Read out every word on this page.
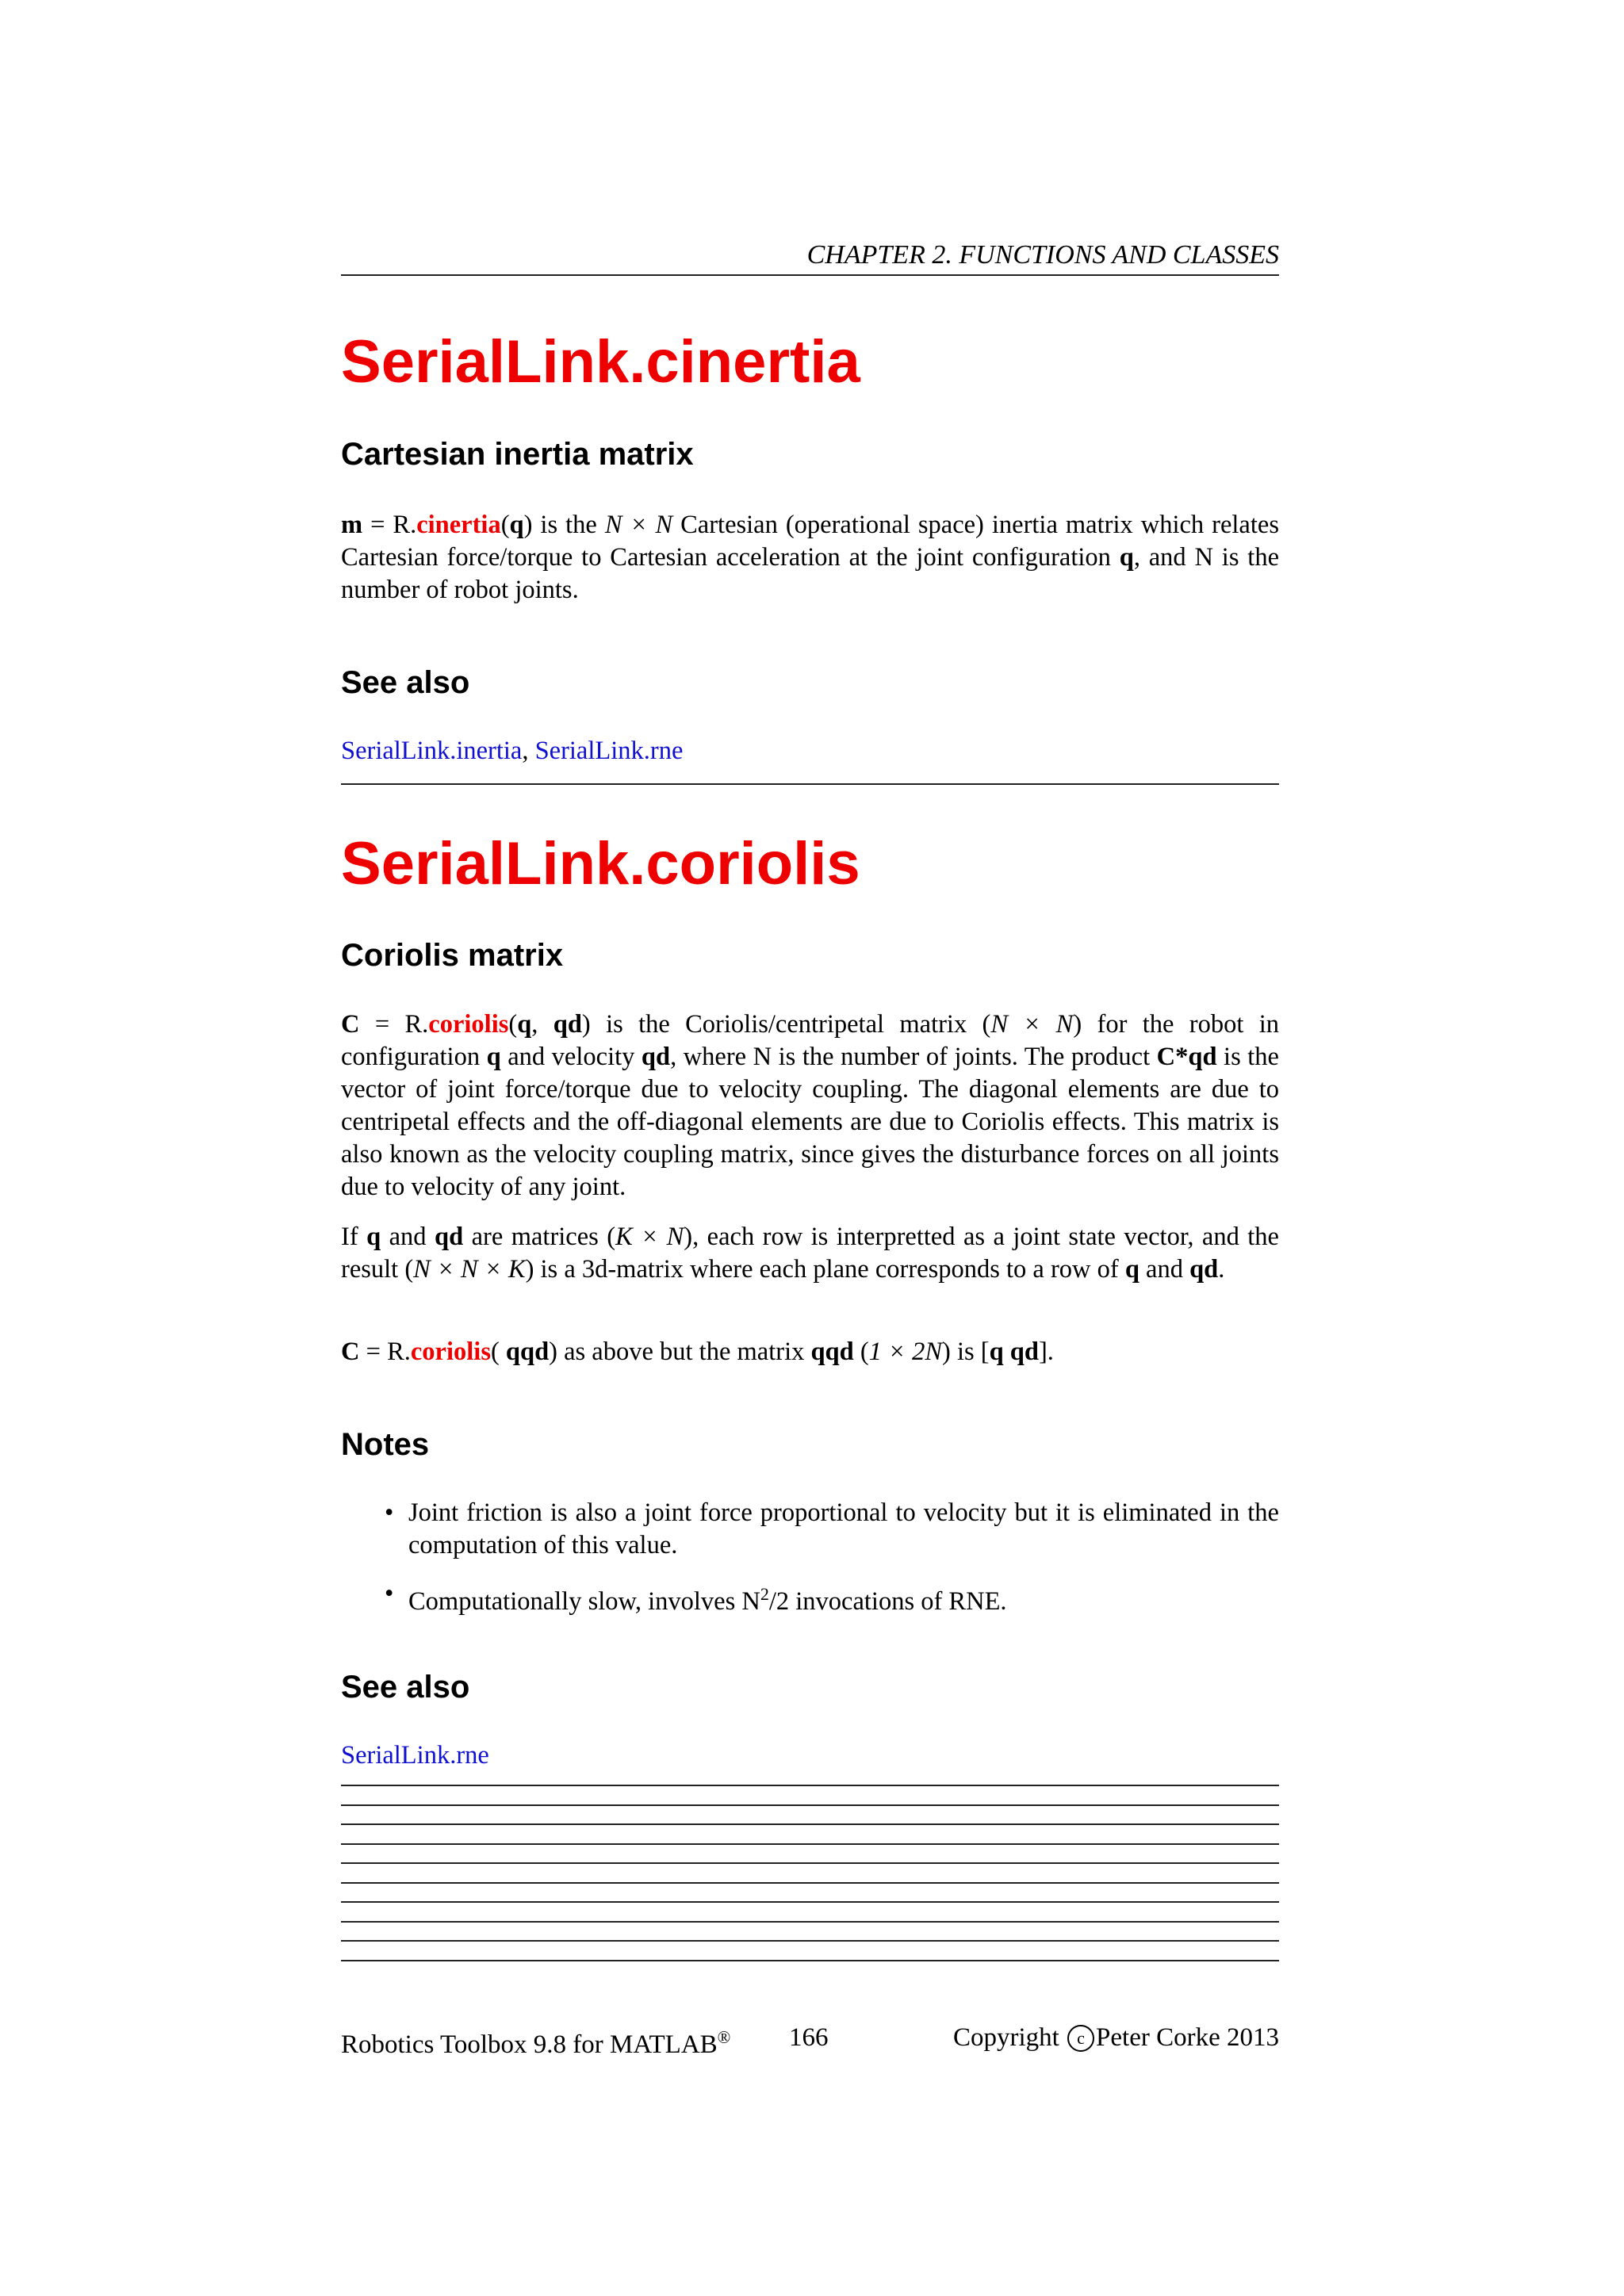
CHAPTER 2. FUNCTIONS AND CLASSES
SerialLink.cinertia
Cartesian inertia matrix

m = R.cinertia(q) is the N × N Cartesian (operational space) inertia matrix which relates Cartesian force/torque to Cartesian acceleration at the joint configuration q, and N is the number of robot joints.

See also

SerialLink.inertia, SerialLink.rne

SerialLink.coriolis
Coriolis matrix

C = R.coriolis(q, qd) is the Coriolis/centripetal matrix (N × N) for the robot in configuration q and velocity qd, where N is the number of joints. The product C*qd is the vector of joint force/torque due to velocity coupling. The diagonal elements are due to centripetal effects and the off-diagonal elements are due to Coriolis effects. This matrix is also known as the velocity coupling matrix, since gives the disturbance forces on all joints due to velocity of any joint.

If q and qd are matrices (K × N), each row is interpretted as a joint state vector, and the result (N × N × K) is a 3d-matrix where each plane corresponds to a row of q and qd.

C = R.coriolis( qqd) as above but the matrix qqd (1 × 2N) is [q qd].

Notes
• Joint friction is also a joint force proportional to velocity but it is eliminated in the computation of this value.
• Computationally slow, involves $N^2/2$ invocations of RNE.
See also

SerialLink.rne

Robotics Toolbox 9.8 for MATLAB® 166	Copyright c Peter Corke 2013
